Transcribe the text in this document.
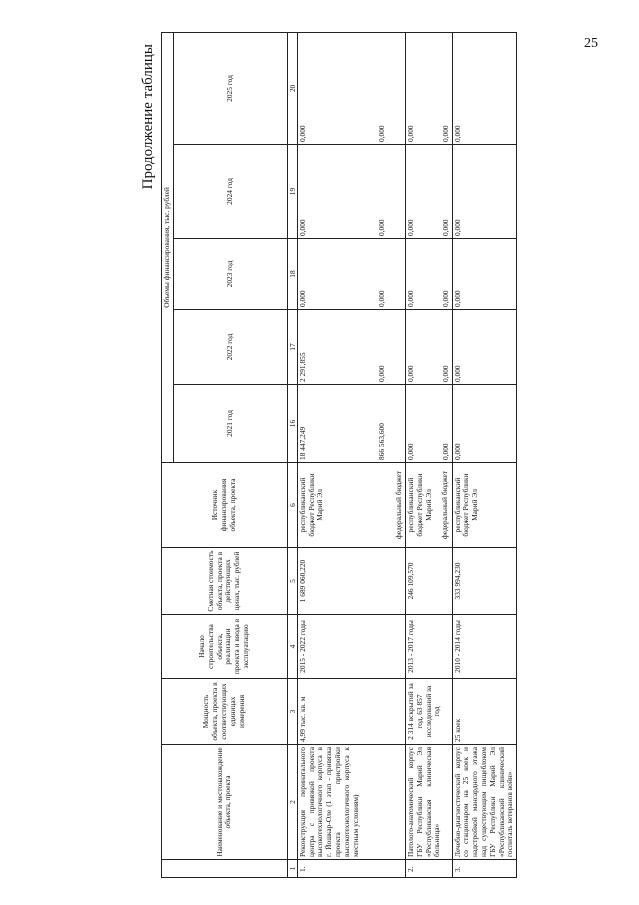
25
Продолжение таблицы
	Наименование и местонахождение объекта, проекта	Мощность объекта, проекта в соответствующих единицах измерения	Начало строительства объекта, реализации проекта и ввода в эксплуатацию	Сметная стоимость объекта, проекта в действующих ценах, тыс. рублей	Источник финансирования объекта, проекта	Объемы финансирования, тыс. рублей				
						2021 год	2022 год	2023 год	2024 год	2025 год
1	2	3	4	5	6	16	17	18	19	20
1.	Реконструкция перинатального центра с привязкой проекта высокотехнологичного корпуса в г. Йошкар-Оле (1 этап - привязка проекта пристройки высокотехнологичного корпуса к местным условиям)	4,99 тыс. кв. м	2015 - 2022 годы	1 689 060,220	республиканский бюджет Республики Марий Эл федеральный бюджет	18 447,249 866 563,600	2 291,855 0,000	0,000 0,000	0,000 0,000	0,000 0,000
2.	Патолого-анатомический корпус ГБУ Республики Марий Эл «Республиканская клиническая больница»	2 314 вскрытий за год, 63 857 исследований за год	2013 - 2017 годы	246 109,570	республиканский бюджет Республики Марий Эл федеральный бюджет	0,000 0,000	0,000 0,000	0,000 0,000	0,000 0,000	0,000 0,000
3.	Лечебно-диагностический корпус со стационаром на 25 коек и надстройкой мансардного этажа над существующим пищеблоком ГБУ Республики Марий Эл «Республиканский клинический госпиталь ветеранов войн»	25 коек	2010 - 2014 годы	333 994,230	республиканский бюджет Республики Марий Эл	0,000	0,000	0,000	0,000	0,000
